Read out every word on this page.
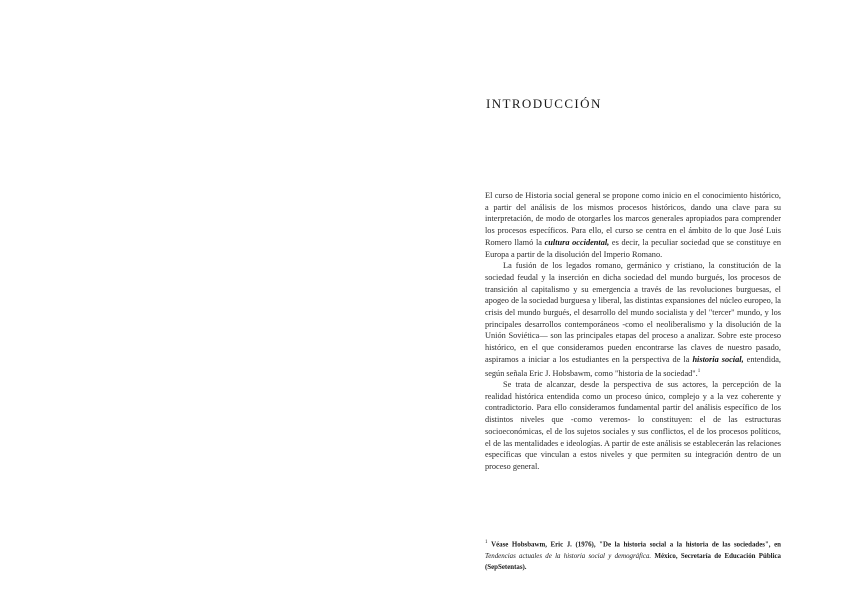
INTRODUCCIÓN

El curso de Historia social general se propone como inicio en el conocimiento histórico, a partir del análisis de los mismos procesos históricos, dando una clave para su interpretación, de modo de otorgarles los marcos generales apropiados para comprender los procesos específicos. Para ello, el curso se centra en el ámbito de lo que José Luis Romero llamó la cultura occidental, es decir, la peculiar sociedad que se constituye en Europa a partir de la disolución del Imperio Romano.

La fusión de los legados romano, germánico y cristiano, la constitución de la sociedad feudal y la inserción en dicha sociedad del mundo burgués, los procesos de transición al capitalismo y su emergencia a través de las revoluciones burguesas, el apogeo de la sociedad burguesa y liberal, las distintas expansiones del núcleo europeo, la crisis del mundo burgués, el desarrollo del mundo socialista y del "tercer" mundo, y los principales desarrollos contemporáneos -como el neoliberalismo y la disolución de la Unión Soviética— son las principales etapas del proceso a analizar. Sobre este proceso histórico, en el que consideramos pueden encontrarse las claves de nuestro pasado, aspiramos a iniciar a los estudiantes en la perspectiva de la historia social, entendida, según señala Eric J. Hobsbawm, como "historia de la sociedad".$^1$

Se trata de alcanzar, desde la perspectiva de sus actores, la percepción de la realidad histórica entendida como un proceso único, complejo y a la vez coherente y contradictorio. Para ello consideramos fundamental partir del análisis específico de los distintos niveles que -como veremos- lo constituyen: el de las estructuras socioeconómicas, el de los sujetos sociales y sus conflictos, el de los procesos políticos, el de las mentalidades e ideologías. A partir de este análisis se establecerán las relaciones específicas que vinculan a estos niveles y que permiten su integración dentro de un proceso general.

$^1$ Véase Hobsbawm, Eric J. (1976), "De la historia social a la historia de las sociedades", en Tendencias actuales de la historia social y demográfica. México, Secretaría de Educación Pública (SepSetentas).
